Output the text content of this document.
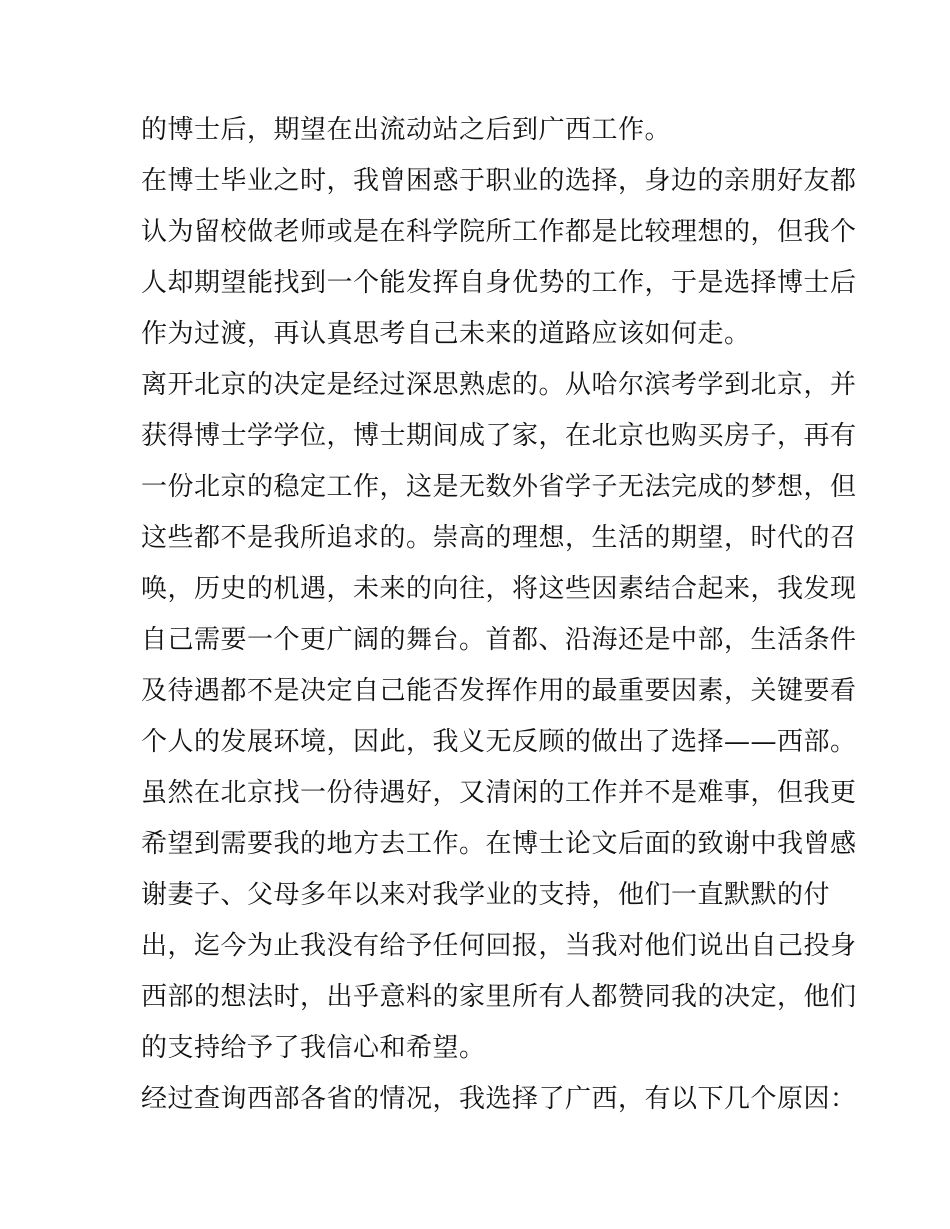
的博士后，期望在出流动站之后到广西工作。

在博士毕业之时，我曾困惑于职业的选择，身边的亲朋好友都

认为留校做老师或是在科学院所工作都是比较理想的，但我个

人却期望能找到一个能发挥自身优势的工作，于是选择博士后

作为过渡，再认真思考自己未来的道路应该如何走。

离开北京的决定是经过深思熟虑的。从哈尔滨考学到北京，并

获得博士学学位，博士期间成了家，在北京也购买房子，再有

一份北京的稳定工作，这是无数外省学子无法完成的梦想，但

这些都不是我所追求的。崇高的理想，生活的期望，时代的召

唤，历史的机遇，未来的向往，将这些因素结合起来，我发现

自己需要一个更广阔的舞台。首都、沿海还是中部，生活条件

及待遇都不是决定自己能否发挥作用的最重要因素，关键要看

个人的发展环境，因此，我义无反顾的做出了选择——西部。

虽然在北京找一份待遇好，又清闲的工作并不是难事，但我更

希望到需要我的地方去工作。在博士论文后面的致谢中我曾感

谢妻子、父母多年以来对我学业的支持，他们一直默默的付

出，迄今为止我没有给予任何回报，当我对他们说出自己投身

西部的想法时，出乎意料的家里所有人都赞同我的决定，他们

的支持给予了我信心和希望。

经过查询西部各省的情况，我选择了广西，有以下几个原因：
